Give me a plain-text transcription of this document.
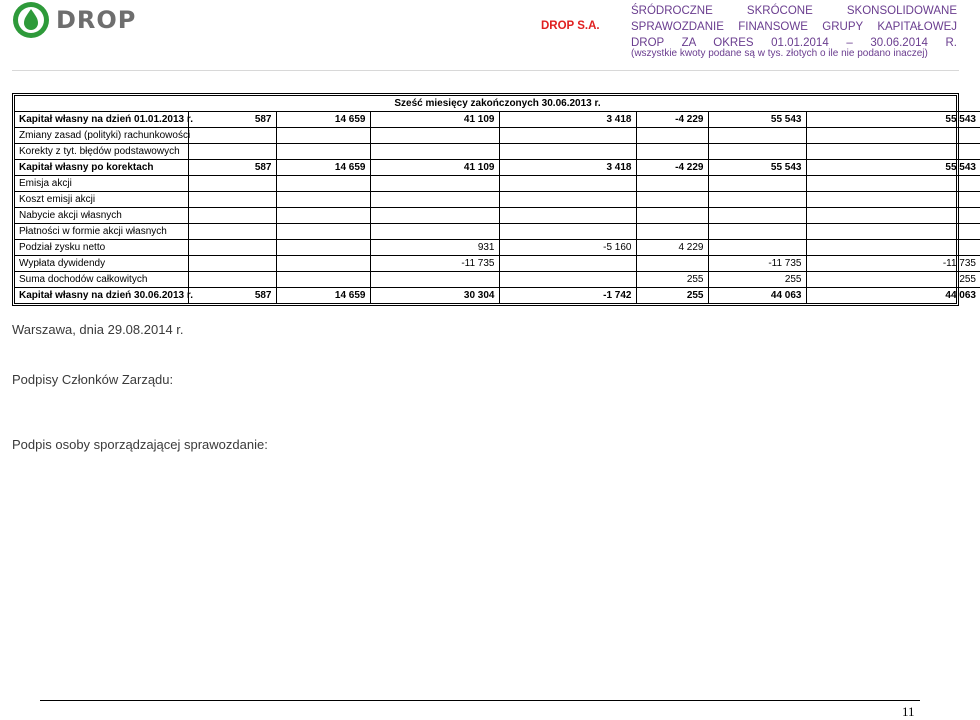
DROP	DROP S.A.
ŚRÓDROCZNE SKRÓCONE SKONSOLIDOWANE SPRAWOZDANIE FINANSOWE GRUPY KAPITAŁOWEJ DROP ZA OKRES 01.01.2014 – 30.06.2014 R.
(wszystkie kwoty podane są w tys. złotych o ile nie podano inaczej)
Sześć miesięcy zakończonych 30.06.2013 r.							
Kapitał własny na dzień 01.01.2013 r.	587	14 659	41 109	3 418	-4 229	55 543	55 543
Zmiany zasad (polityki) rachunkowości							
Korekty z tyt. błędów podstawowych							
Kapitał własny po korektach	587	14 659	41 109	3 418	-4 229	55 543	55 543
Emisja akcji							
Koszt emisji akcji							
Nabycie akcji własnych							
Płatności w formie akcji własnych							
Podział zysku netto			931	-5 160	4 229		
Wypłata dywidendy			-11 735			-11 735	-11 735
Suma dochodów całkowitych					255	255	255
Kapitał własny na dzień 30.06.2013 r.	587	14 659	30 304	-1 742	255	44 063	44 063
Warszawa, dnia 29.08.2014 r.
Podpisy Członków Zarządu:
Podpis osoby sporządzającej sprawozdanie:
11
